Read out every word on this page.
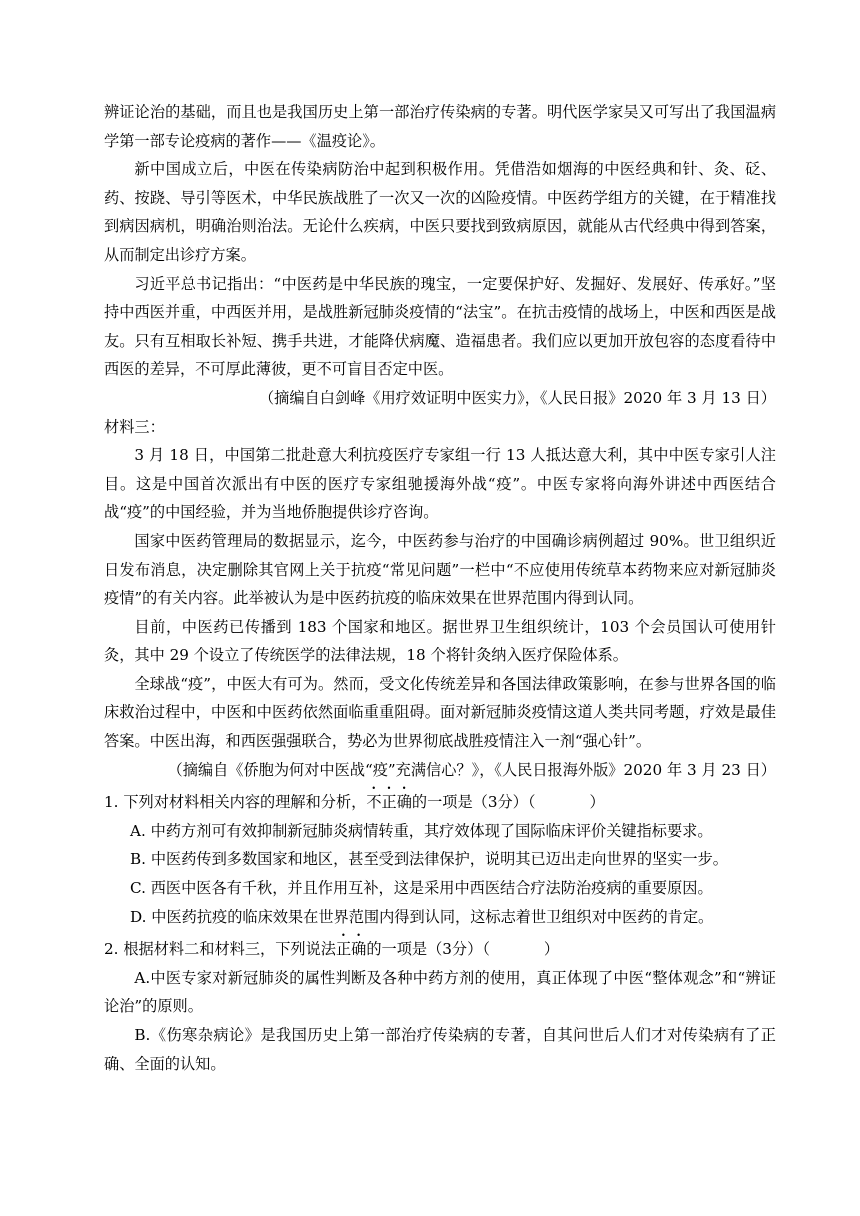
辨证论治的基础，而且也是我国历史上第一部治疗传染病的专著。明代医学家吴又可写出了我国温病学第一部专论疫病的著作——《温疫论》。

新中国成立后，中医在传染病防治中起到积极作用。凭借浩如烟海的中医经典和针、灸、砭、药、按跷、导引等医术，中华民族战胜了一次又一次的凶险疫情。中医药学组方的关键，在于精准找到病因病机，明确治则治法。无论什么疾病，中医只要找到致病原因，就能从古代经典中得到答案，从而制定出诊疗方案。

习近平总书记指出：“中医药是中华民族的瑰宝，一定要保护好、发掘好、发展好、传承好。”坚持中西医并重，中西医并用，是战胜新冠肺炎疫情的“法宝”。在抗击疫情的战场上，中医和西医是战友。只有互相取长补短、携手共进，才能降伏病魔、造福患者。我们应以更加开放包容的态度看待中西医的差异，不可厚此薄彼，更不可盲目否定中医。

（摘编自白剑峰《用疗效证明中医实力》，《人民日报》2020 年 3 月 13 日）

材料三：

3 月 18 日，中国第二批赴意大利抗疫医疗专家组一行 13 人抵达意大利，其中中医专家引人注目。这是中国首次派出有中医的医疗专家组驰援海外战“疫”。中医专家将向海外讲述中西医结合战“疫”的中国经验，并为当地侨胞提供诊疗咨询。

国家中医药管理局的数据显示，迄今，中医药参与治疗的中国确诊病例超过 90%。世卫组织近日发布消息，决定删除其官网上关于抗疫“常见问题”一栏中“不应使用传统草本药物来应对新冠肺炎疫情”的有关内容。此举被认为是中医药抗疫的临床效果在世界范围内得到认同。

目前，中医药已传播到 183 个国家和地区。据世界卫生组织统计，103 个会员国认可使用针灸，其中 29 个设立了传统医学的法律法规，18 个将针灸纳入医疗保险体系。

全球战“疫”，中医大有可为。然而，受文化传统差异和各国法律政策影响，在参与世界各国的临床救治过程中，中医和中医药依然面临重重阻碍。面对新冠肺炎疫情这道人类共同考题，疗效是最佳答案。中医出海，和西医强强联合，势必为世界彻底战胜疫情注入一剂“强心针”。

（摘编自《侨胞为何对中医战“疫”充满信心？》，《人民日报海外版》2020 年 3 月 23 日）

1. 下列对材料相关内容的理解和分析，不正确的一项是（3分）（	）

A. 中药方剂可有效抑制新冠肺炎病情转重，其疗效体现了国际临床评价关键指标要求。

B. 中医药传到多数国家和地区，甚至受到法律保护，说明其已迈出走向世界的坚实一步。

C. 西医中医各有千秋，并且作用互补，这是采用中西医结合疗法防治疫病的重要原因。

D. 中医药抗疫的临床效果在世界范围内得到认同，这标志着世卫组织对中医药的肯定。

2. 根据材料二和材料三，下列说法正确的一项是（3分）（	）

A.中医专家对新冠肺炎的属性判断及各种中药方剂的使用，真正体现了中医“整体观念”和“辨证论治”的原则。

B.《伤寒杂病论》是我国历史上第一部治疗传染病的专著，自其问世后人们才对传染病有了正确、全面的认知。
